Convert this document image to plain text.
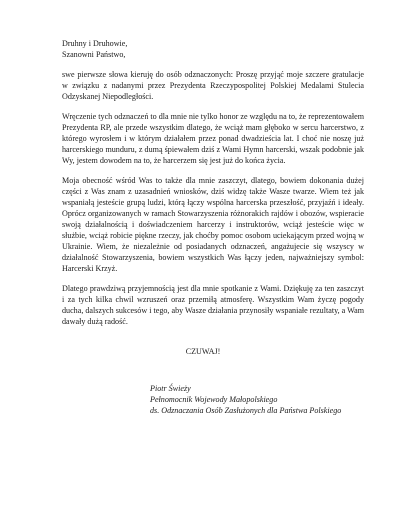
Druhny i Druhowie,

Szanowni Państwo,

swe pierwsze słowa kieruję do osób odznaczonych: Proszę przyjąć moje szczere gratulacje w związku z nadanymi przez Prezydenta Rzeczypospolitej Polskiej Medalami Stulecia Odzyskanej Niepodległości.

Wręczenie tych odznaczeń to dla mnie nie tylko honor ze względu na to, że reprezentowałem Prezydenta RP, ale przede wszystkim dlatego, że wciąż mam głęboko w sercu harcerstwo, z którego wyrosłem i w którym działałem przez ponad dwadzieścia lat. I choć nie noszę już harcerskiego munduru, z dumą śpiewałem dziś z Wami Hymn harcerski, wszak podobnie jak Wy, jestem dowodem na to, że harcerzem się jest już do końca życia.

Moja obecność wśród Was to także dla mnie zaszczyt, dlatego, bowiem dokonania dużej części z Was znam z uzasadnień wniosków, dziś widzę także Wasze twarze. Wiem też jak wspaniałą jesteście grupą ludzi, którą łączy wspólna harcerska przeszłość, przyjaźń i ideały. Oprócz organizowanych w ramach Stowarzyszenia różnorakich rajdów i obozów, wspieracie swoją działalnością i doświadczeniem harcerzy i instruktorów, wciąż jesteście więc w służbie, wciąż robicie piękne rzeczy, jak choćby pomoc osobom uciekającym przed wojną w Ukrainie. Wiem, że niezależnie od posiadanych odznaczeń, angażujecie się wszyscy w działalność Stowarzyszenia, bowiem wszystkich Was łączy jeden, najważniejszy symbol: Harcerski Krzyż.

Dlatego prawdziwą przyjemnością jest dla mnie spotkanie z Wami. Dziękuję za ten zaszczyt i za tych kilka chwil wzruszeń oraz przemiłą atmosferę. Wszystkim Wam życzę pogody ducha, dalszych sukcesów i tego, aby Wasze działania przynosiły wspaniałe rezultaty, a Wam dawały dużą radość.

CZUWAJ!

Piotr Świeży

Pełnomocnik Wojewody Małopolskiego

ds. Odznaczania Osób Zasłużonych dla Państwa Polskiego
